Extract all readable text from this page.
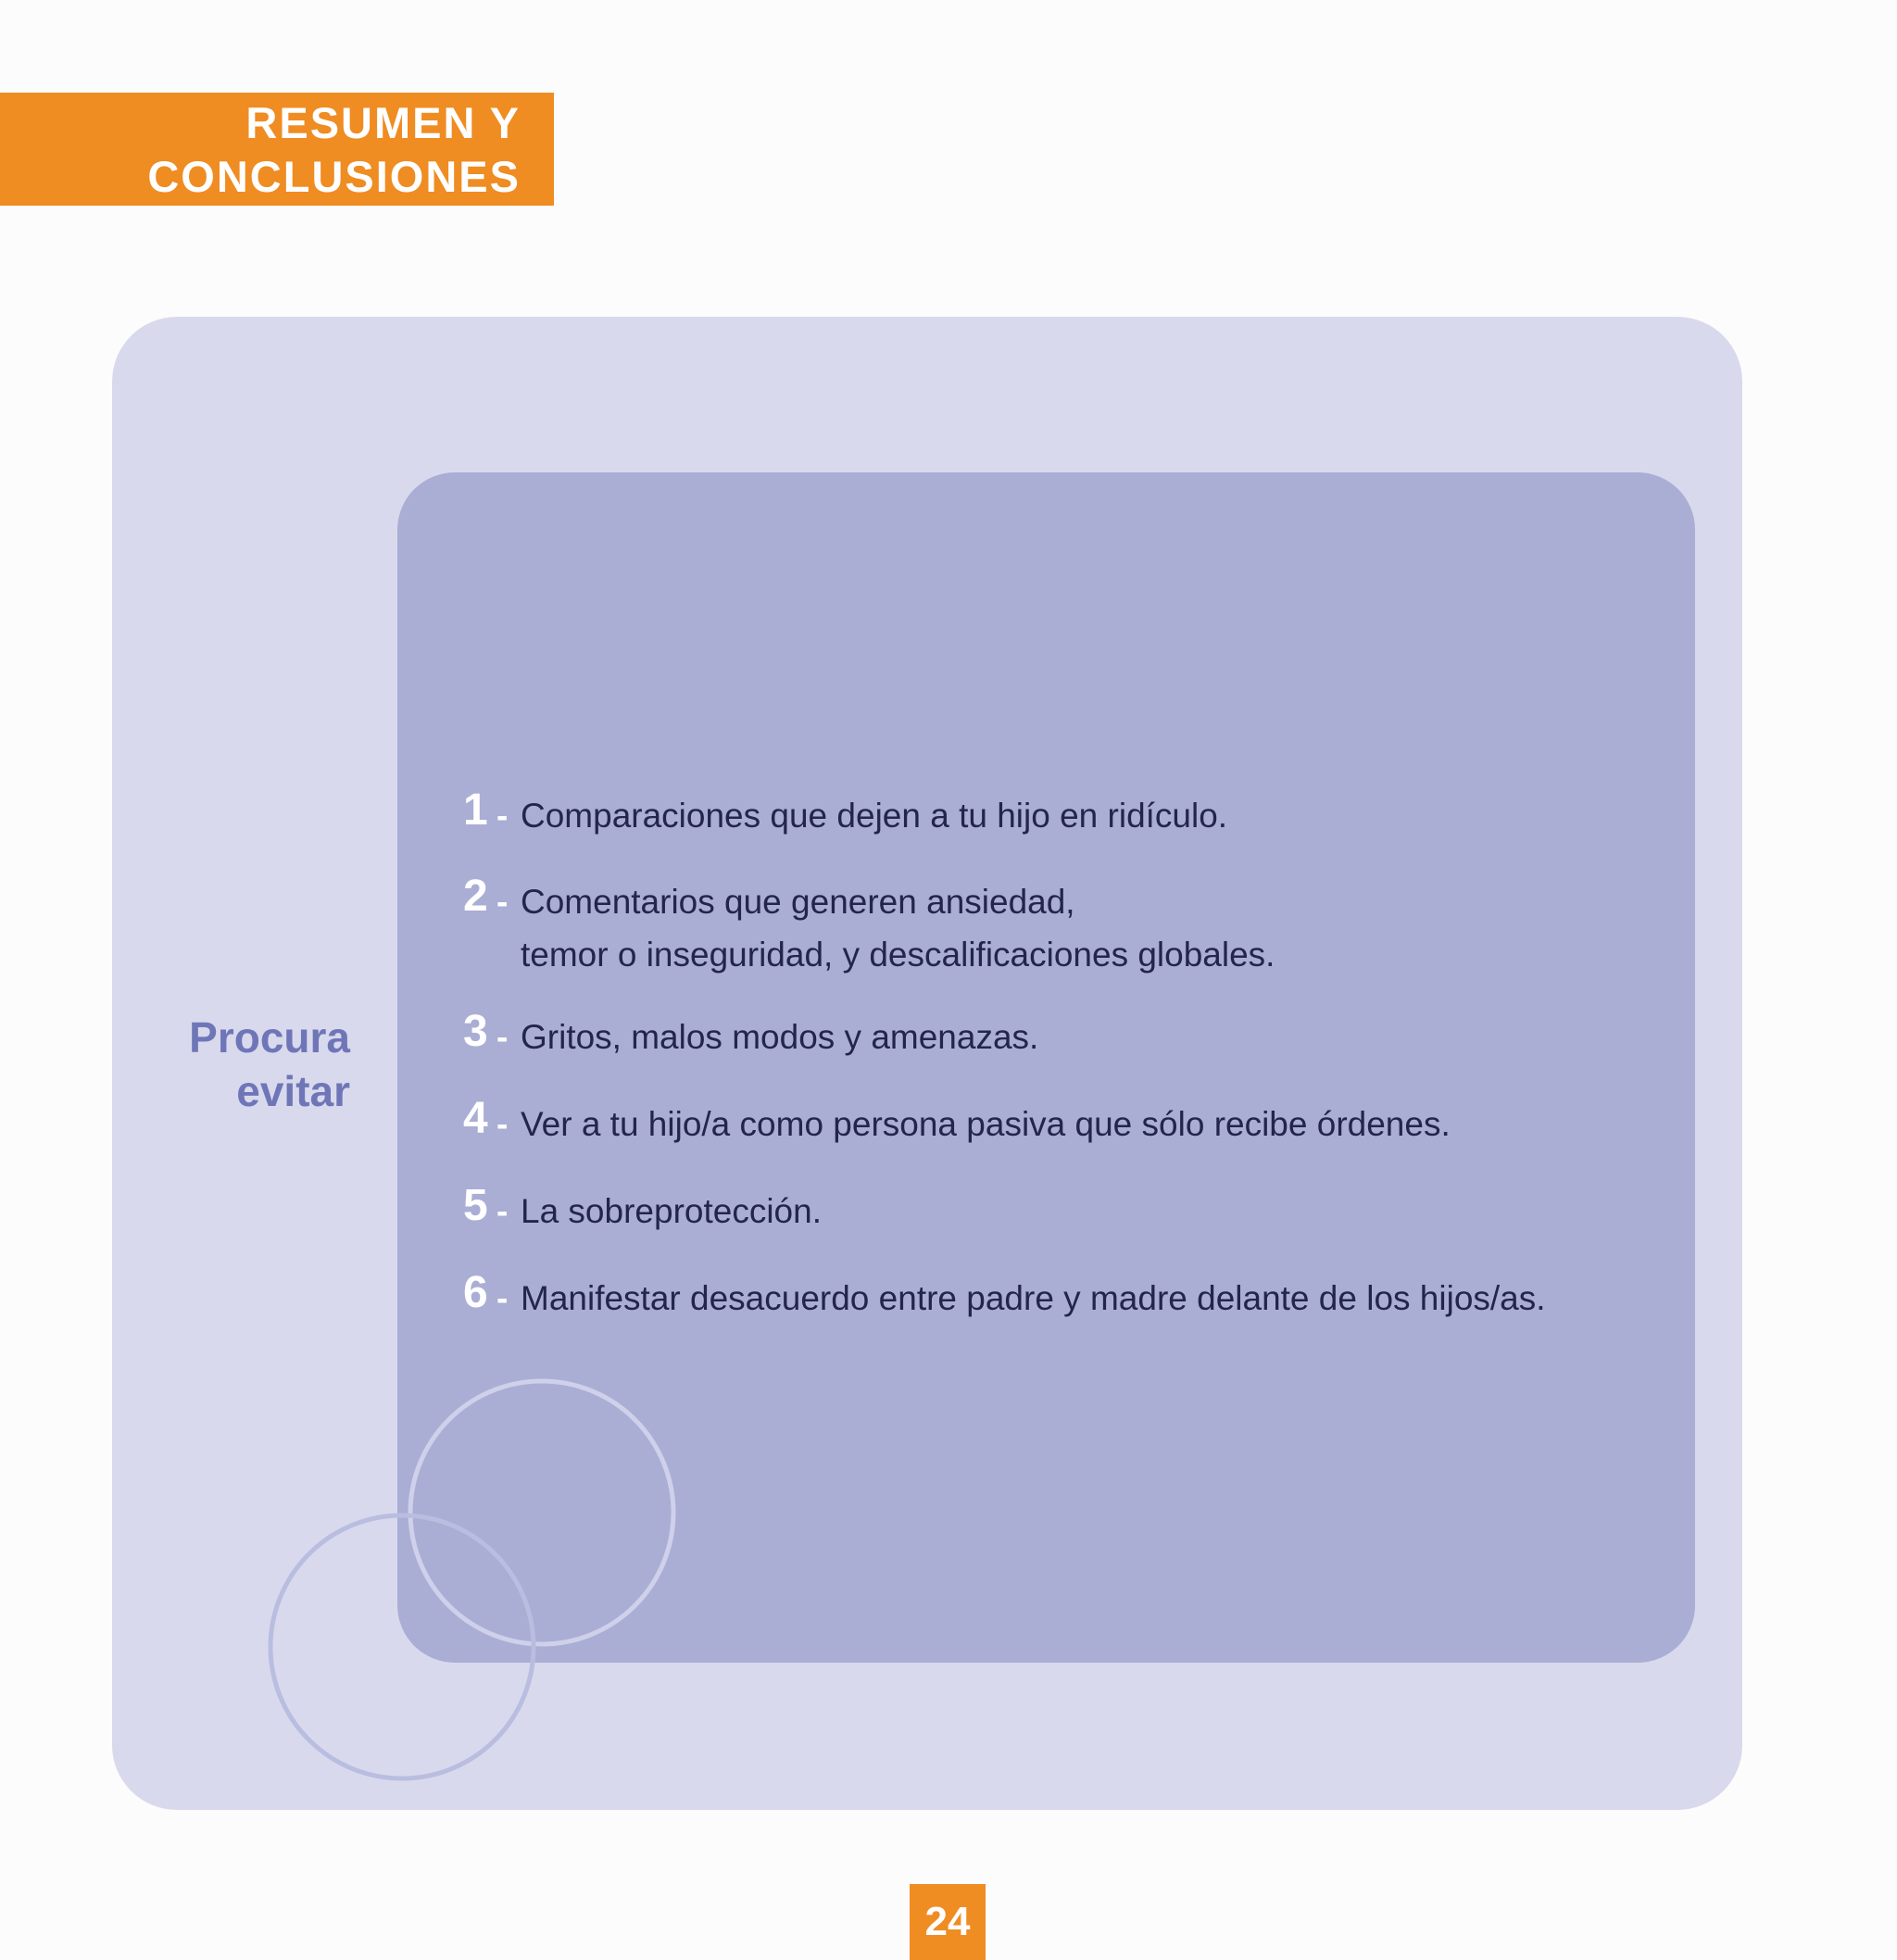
RESUMEN Y
CONCLUSIONES
Procura
evitar
1 - Comparaciones que dejen a tu hijo en ridículo.
2 - Comentarios que generen ansiedad,
temor o inseguridad, y descalificaciones globales.
3 - Gritos, malos modos y amenazas.
4 - Ver a tu hijo/a como persona pasiva que sólo recibe órdenes.
5 - La sobreprotección.
6 - Manifestar desacuerdo entre padre y madre delante de los hijos/as.
24
